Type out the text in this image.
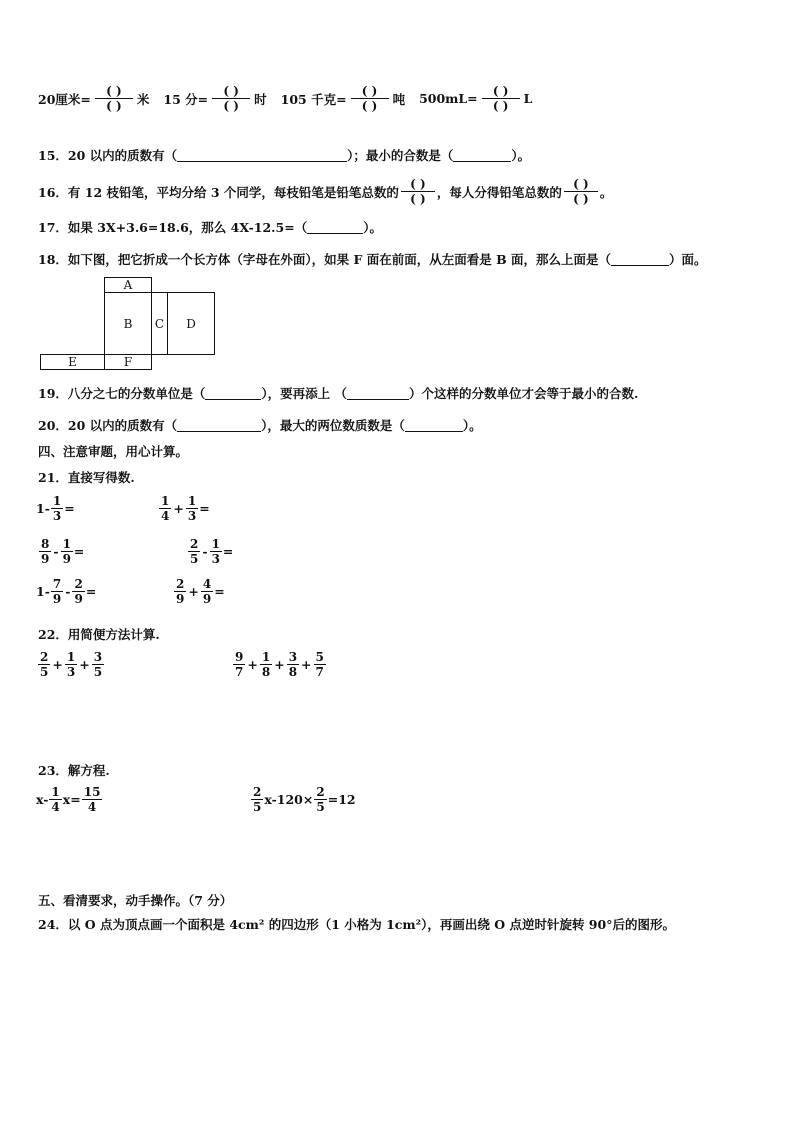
20厘米= $\frac{( )}{( )}$ 米 15 分= $\frac{( )}{( )}$ 时 105 千克= $\frac{( )}{( )}$ 吨 $500mL= \frac{( )}{( )}$ L
15．20 以内的质数有（	）；最小的合数是（	）。
16．有 12 枝铅笔，平均分给 3 个同学，每枝铅笔是铅笔总数的 $\frac{( )}{( )}$ ，每人分得铅笔总数的 $\frac{( )}{( )}$ 。
17．如果 3X+3.6=18.6，那么 4X-12.5=（	）。
18．如下图，把它折成一个长方体（字母在外面），如果 F 面在前面，从左面看是 B 面，那么上面是（	）面。
A
B C D
E	F
19．八分之七的分数单位是（	），要再添上 （	）个这样的分数单位才会等于最小的合数.
20．20 以内的质数有（	），最大的两位数质数是（	）。
四、注意审题，用心计算。
21．直接写得数.
$1- \frac{1}{3}$ =	$\frac{1}{4} + \frac{1}{3}$ =
$\frac{8}{9} - \frac{1}{9}$ =	$\frac{2}{5} - \frac{1}{3}$ =
$1- \frac{7}{9} - \frac{2}{9}$ =	$\frac{2}{9} + \frac{4}{9}$ =
22．用简便方法计算.
$\frac{2}{5} + \frac{1}{3} + \frac{3}{5}$	$\frac{9}{7} + \frac{1}{8} + \frac{3}{8} + \frac{5}{7}$
23．解方程.
$x- \frac{1}{4} x= \frac{15}{4}$	$\frac{2}{5} x-120\times \frac{2}{5} =12$
五、看清要求，动手操作。（7 分）
24．以 O 点为顶点画一个面积是 4cm² 的四边形（1 小格为 1cm²），再画出绕 O 点逆时针旋转 90°后的图形。
